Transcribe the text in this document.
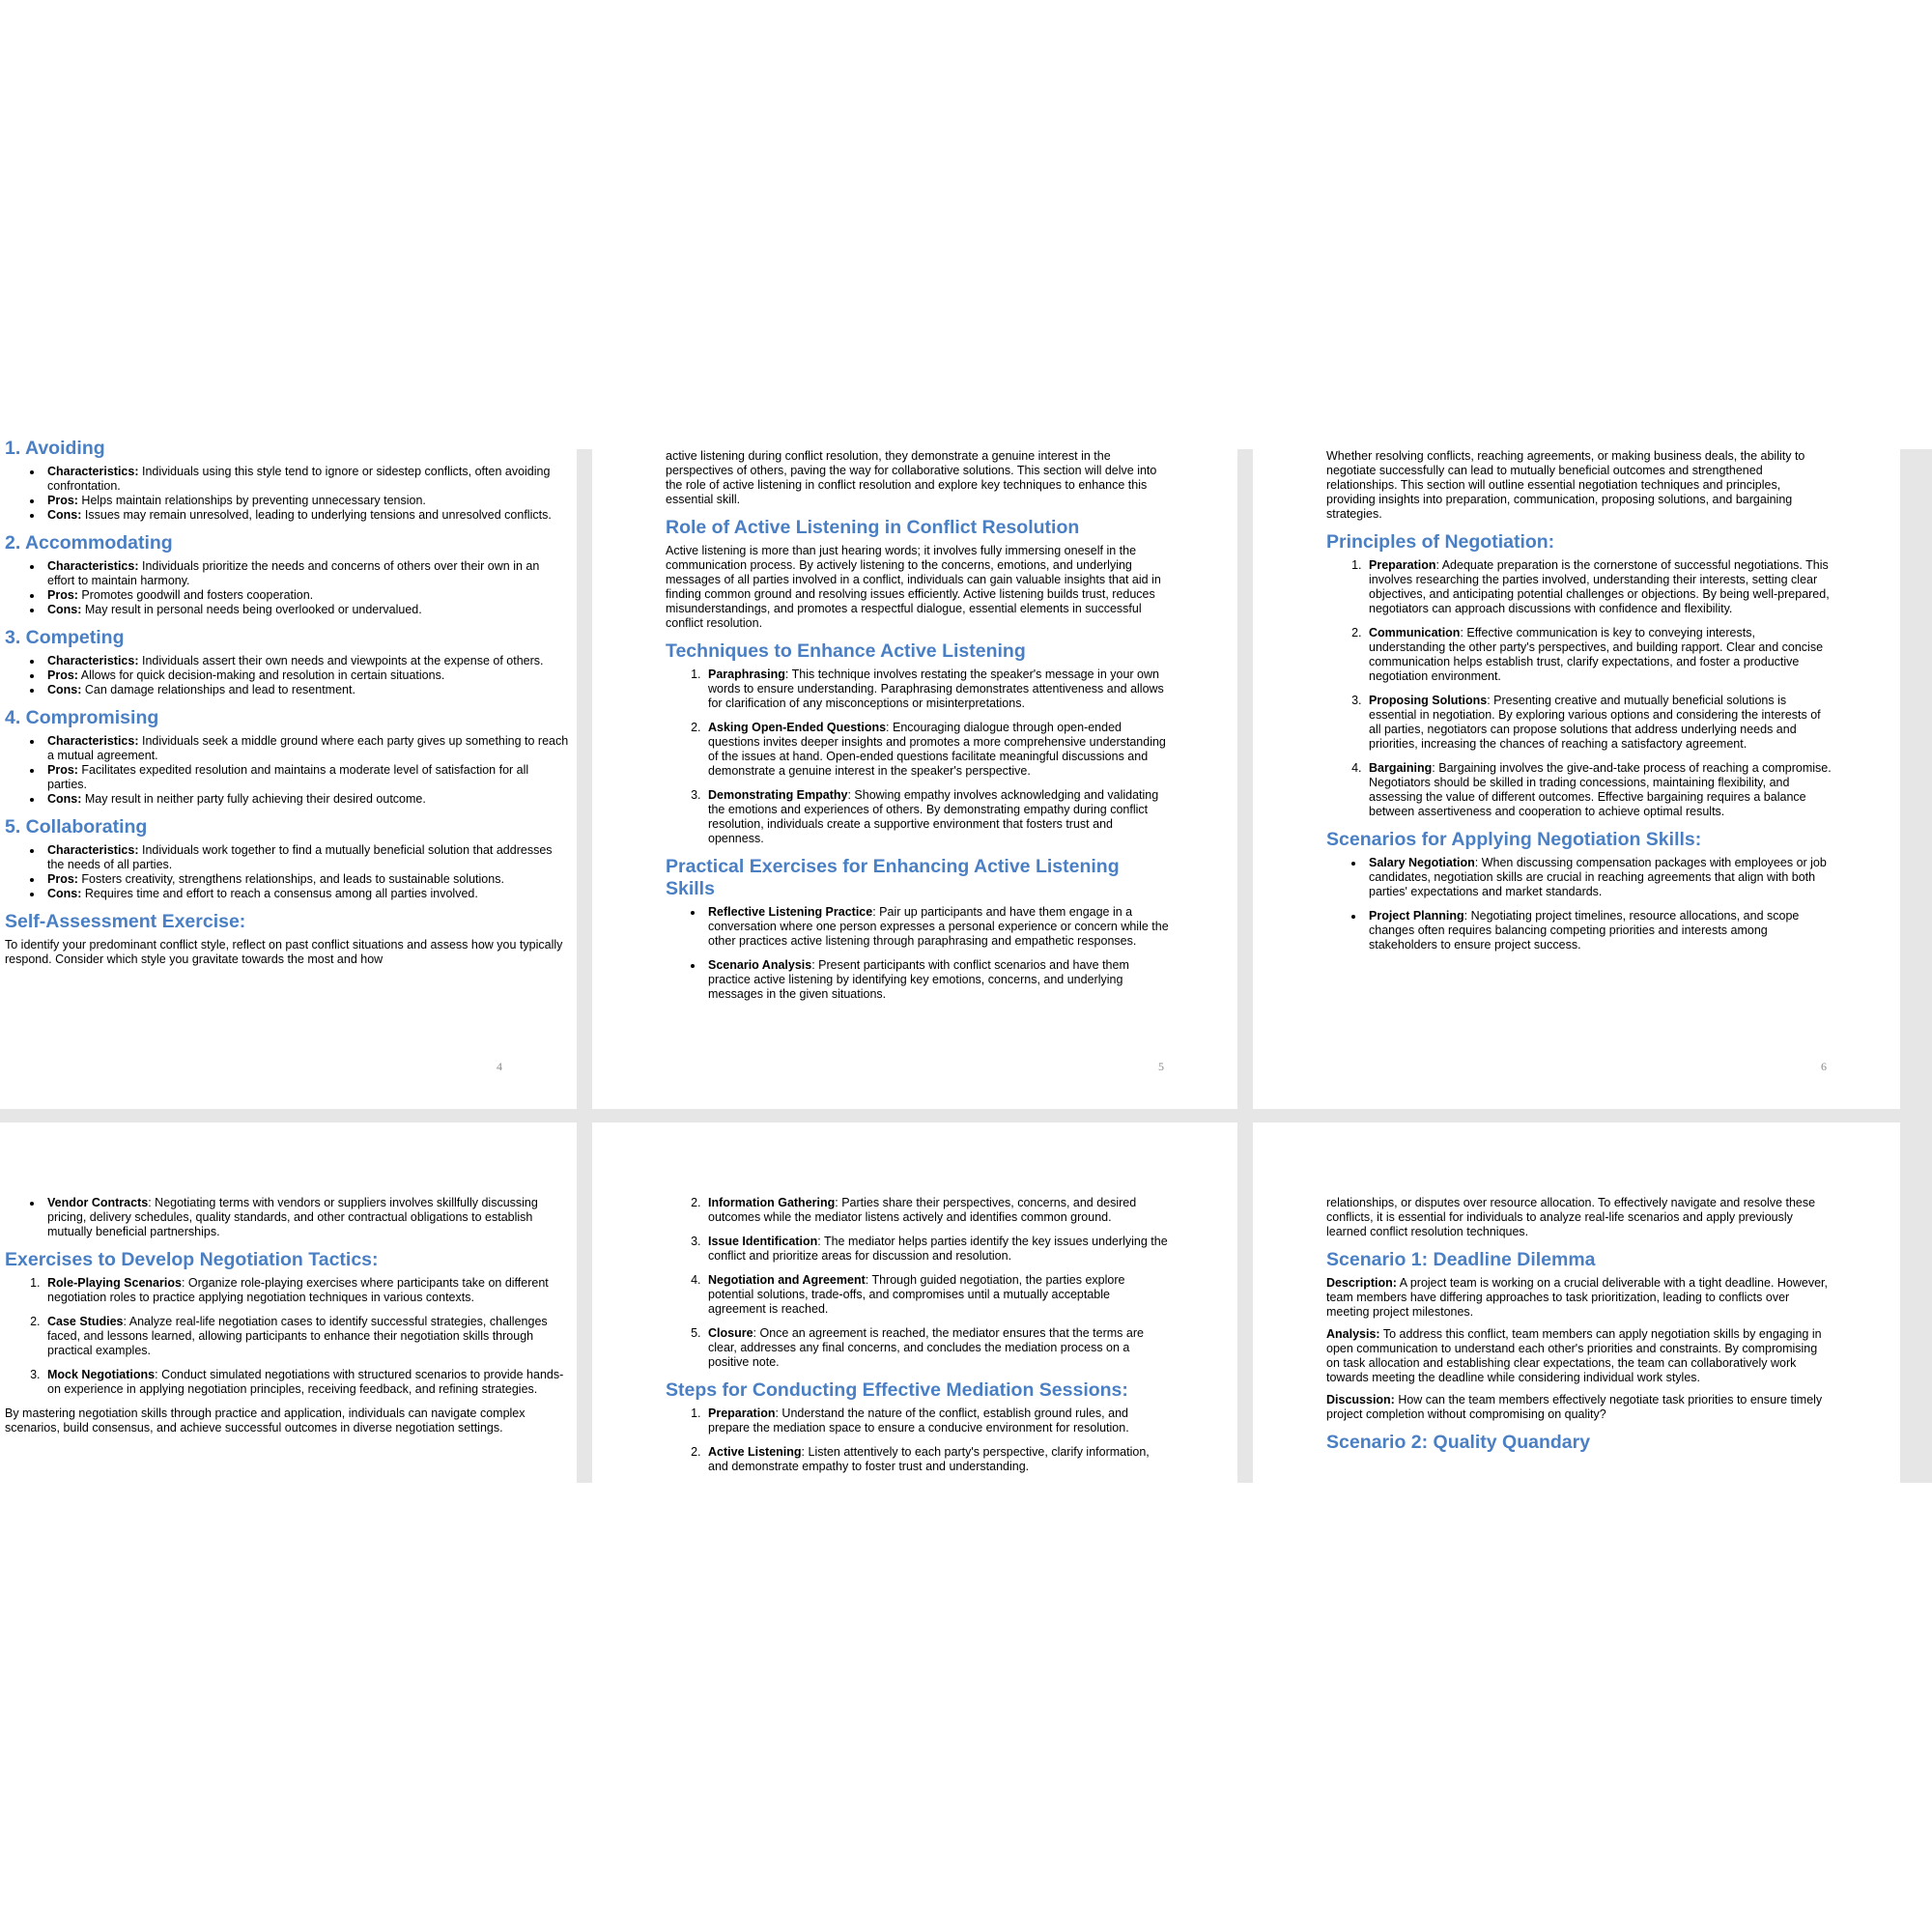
1. Avoiding
• Characteristics: Individuals using this style tend to ignore or sidestep conflicts, often avoiding confrontation.
• Pros: Helps maintain relationships by preventing unnecessary tension.
• Cons: Issues may remain unresolved, leading to underlying tensions and unresolved conflicts.
2. Accommodating
• Characteristics: Individuals prioritize the needs and concerns of others over their own in an effort to maintain harmony.
• Pros: Promotes goodwill and fosters cooperation.
• Cons: May result in personal needs being overlooked or undervalued.
3. Competing
• Characteristics: Individuals assert their own needs and viewpoints at the expense of others.
• Pros: Allows for quick decision-making and resolution in certain situations.
• Cons: Can damage relationships and lead to resentment.
4. Compromising
• Characteristics: Individuals seek a middle ground where each party gives up something to reach a mutual agreement.
• Pros: Facilitates expedited resolution and maintains a moderate level of satisfaction for all parties.
• Cons: May result in neither party fully achieving their desired outcome.
5. Collaborating
• Characteristics: Individuals work together to find a mutually beneficial solution that addresses the needs of all parties.
• Pros: Fosters creativity, strengthens relationships, and leads to sustainable solutions.
• Cons: Requires time and effort to reach a consensus among all parties involved.
Self-Assessment Exercise:

To identify your predominant conflict style, reflect on past conflict situations and assess how you typically respond. Consider which style you gravitate towards the most and how

4

active listening during conflict resolution, they demonstrate a genuine interest in the perspectives of others, paving the way for collaborative solutions. This section will delve into the role of active listening in conflict resolution and explore key techniques to enhance this essential skill.

Role of Active Listening in Conflict Resolution

Active listening is more than just hearing words; it involves fully immersing oneself in the communication process. By actively listening to the concerns, emotions, and underlying messages of all parties involved in a conflict, individuals can gain valuable insights that aid in finding common ground and resolving issues efficiently. Active listening builds trust, reduces misunderstandings, and promotes a respectful dialogue, essential elements in successful conflict resolution.

Techniques to Enhance Active Listening
1. Paraphrasing: This technique involves restating the speaker's message in your own words to ensure understanding. Paraphrasing demonstrates attentiveness and allows for clarification of any misconceptions or misinterpretations.
2. Asking Open-Ended Questions: Encouraging dialogue through open-ended questions invites deeper insights and promotes a more comprehensive understanding of the issues at hand. Open-ended questions facilitate meaningful discussions and demonstrate a genuine interest in the speaker's perspective.
3. Demonstrating Empathy: Showing empathy involves acknowledging and validating the emotions and experiences of others. By demonstrating empathy during conflict resolution, individuals create a supportive environment that fosters trust and openness.
Practical Exercises for Enhancing Active Listening Skills
• Reflective Listening Practice: Pair up participants and have them engage in a conversation where one person expresses a personal experience or concern while the other practices active listening through paraphrasing and empathetic responses.
• Scenario Analysis: Present participants with conflict scenarios and have them practice active listening by identifying key emotions, concerns, and underlying messages in the given situations.
5

Whether resolving conflicts, reaching agreements, or making business deals, the ability to negotiate successfully can lead to mutually beneficial outcomes and strengthened relationships. This section will outline essential negotiation techniques and principles, providing insights into preparation, communication, proposing solutions, and bargaining strategies.

Principles of Negotiation:
1. Preparation: Adequate preparation is the cornerstone of successful negotiations. This involves researching the parties involved, understanding their interests, setting clear objectives, and anticipating potential challenges or objections. By being well-prepared, negotiators can approach discussions with confidence and flexibility.
2. Communication: Effective communication is key to conveying interests, understanding the other party's perspectives, and building rapport. Clear and concise communication helps establish trust, clarify expectations, and foster a productive negotiation environment.
3. Proposing Solutions: Presenting creative and mutually beneficial solutions is essential in negotiation. By exploring various options and considering the interests of all parties, negotiators can propose solutions that address underlying needs and priorities, increasing the chances of reaching a satisfactory agreement.
4. Bargaining: Bargaining involves the give-and-take process of reaching a compromise. Negotiators should be skilled in trading concessions, maintaining flexibility, and assessing the value of different outcomes. Effective bargaining requires a balance between assertiveness and cooperation to achieve optimal results.
Scenarios for Applying Negotiation Skills:
• Salary Negotiation: When discussing compensation packages with employees or job candidates, negotiation skills are crucial in reaching agreements that align with both parties' expectations and market standards.
• Project Planning: Negotiating project timelines, resource allocations, and scope changes often requires balancing competing priorities and interests among stakeholders to ensure project success.
6
• Vendor Contracts: Negotiating terms with vendors or suppliers involves skillfully discussing pricing, delivery schedules, quality standards, and other contractual obligations to establish mutually beneficial partnerships.
Exercises to Develop Negotiation Tactics:
1. Role-Playing Scenarios: Organize role-playing exercises where participants take on different negotiation roles to practice applying negotiation techniques in various contexts.
2. Case Studies: Analyze real-life negotiation cases to identify successful strategies, challenges faced, and lessons learned, allowing participants to enhance their negotiation skills through practical examples.
3. Mock Negotiations: Conduct simulated negotiations with structured scenarios to provide hands-on experience in applying negotiation principles, receiving feedback, and refining strategies.

By mastering negotiation skills through practice and application, individuals can navigate complex scenarios, build consensus, and achieve successful outcomes in diverse negotiation settings.

2. Information Gathering: Parties share their perspectives, concerns, and desired outcomes while the mediator listens actively and identifies common ground.
3. Issue Identification: The mediator helps parties identify the key issues underlying the conflict and prioritize areas for discussion and resolution.
4. Negotiation and Agreement: Through guided negotiation, the parties explore potential solutions, trade-offs, and compromises until a mutually acceptable agreement is reached.
5. Closure: Once an agreement is reached, the mediator ensures that the terms are clear, addresses any final concerns, and concludes the mediation process on a positive note.
Steps for Conducting Effective Mediation Sessions:
1. Preparation: Understand the nature of the conflict, establish ground rules, and prepare the mediation space to ensure a conducive environment for resolution.
2. Active Listening: Listen attentively to each party's perspective, clarify information, and demonstrate empathy to foster trust and understanding.

relationships, or disputes over resource allocation. To effectively navigate and resolve these conflicts, it is essential for individuals to analyze real-life scenarios and apply previously learned conflict resolution techniques.

Scenario 1: Deadline Dilemma

Description: A project team is working on a crucial deliverable with a tight deadline. However, team members have differing approaches to task prioritization, leading to conflicts over meeting project milestones.

Analysis: To address this conflict, team members can apply negotiation skills by engaging in open communication to understand each other's priorities and constraints. By compromising on task allocation and establishing clear expectations, the team can collaboratively work towards meeting the deadline while considering individual work styles.

Discussion: How can the team members effectively negotiate task priorities to ensure timely project completion without compromising on quality?

Scenario 2: Quality Quandary
